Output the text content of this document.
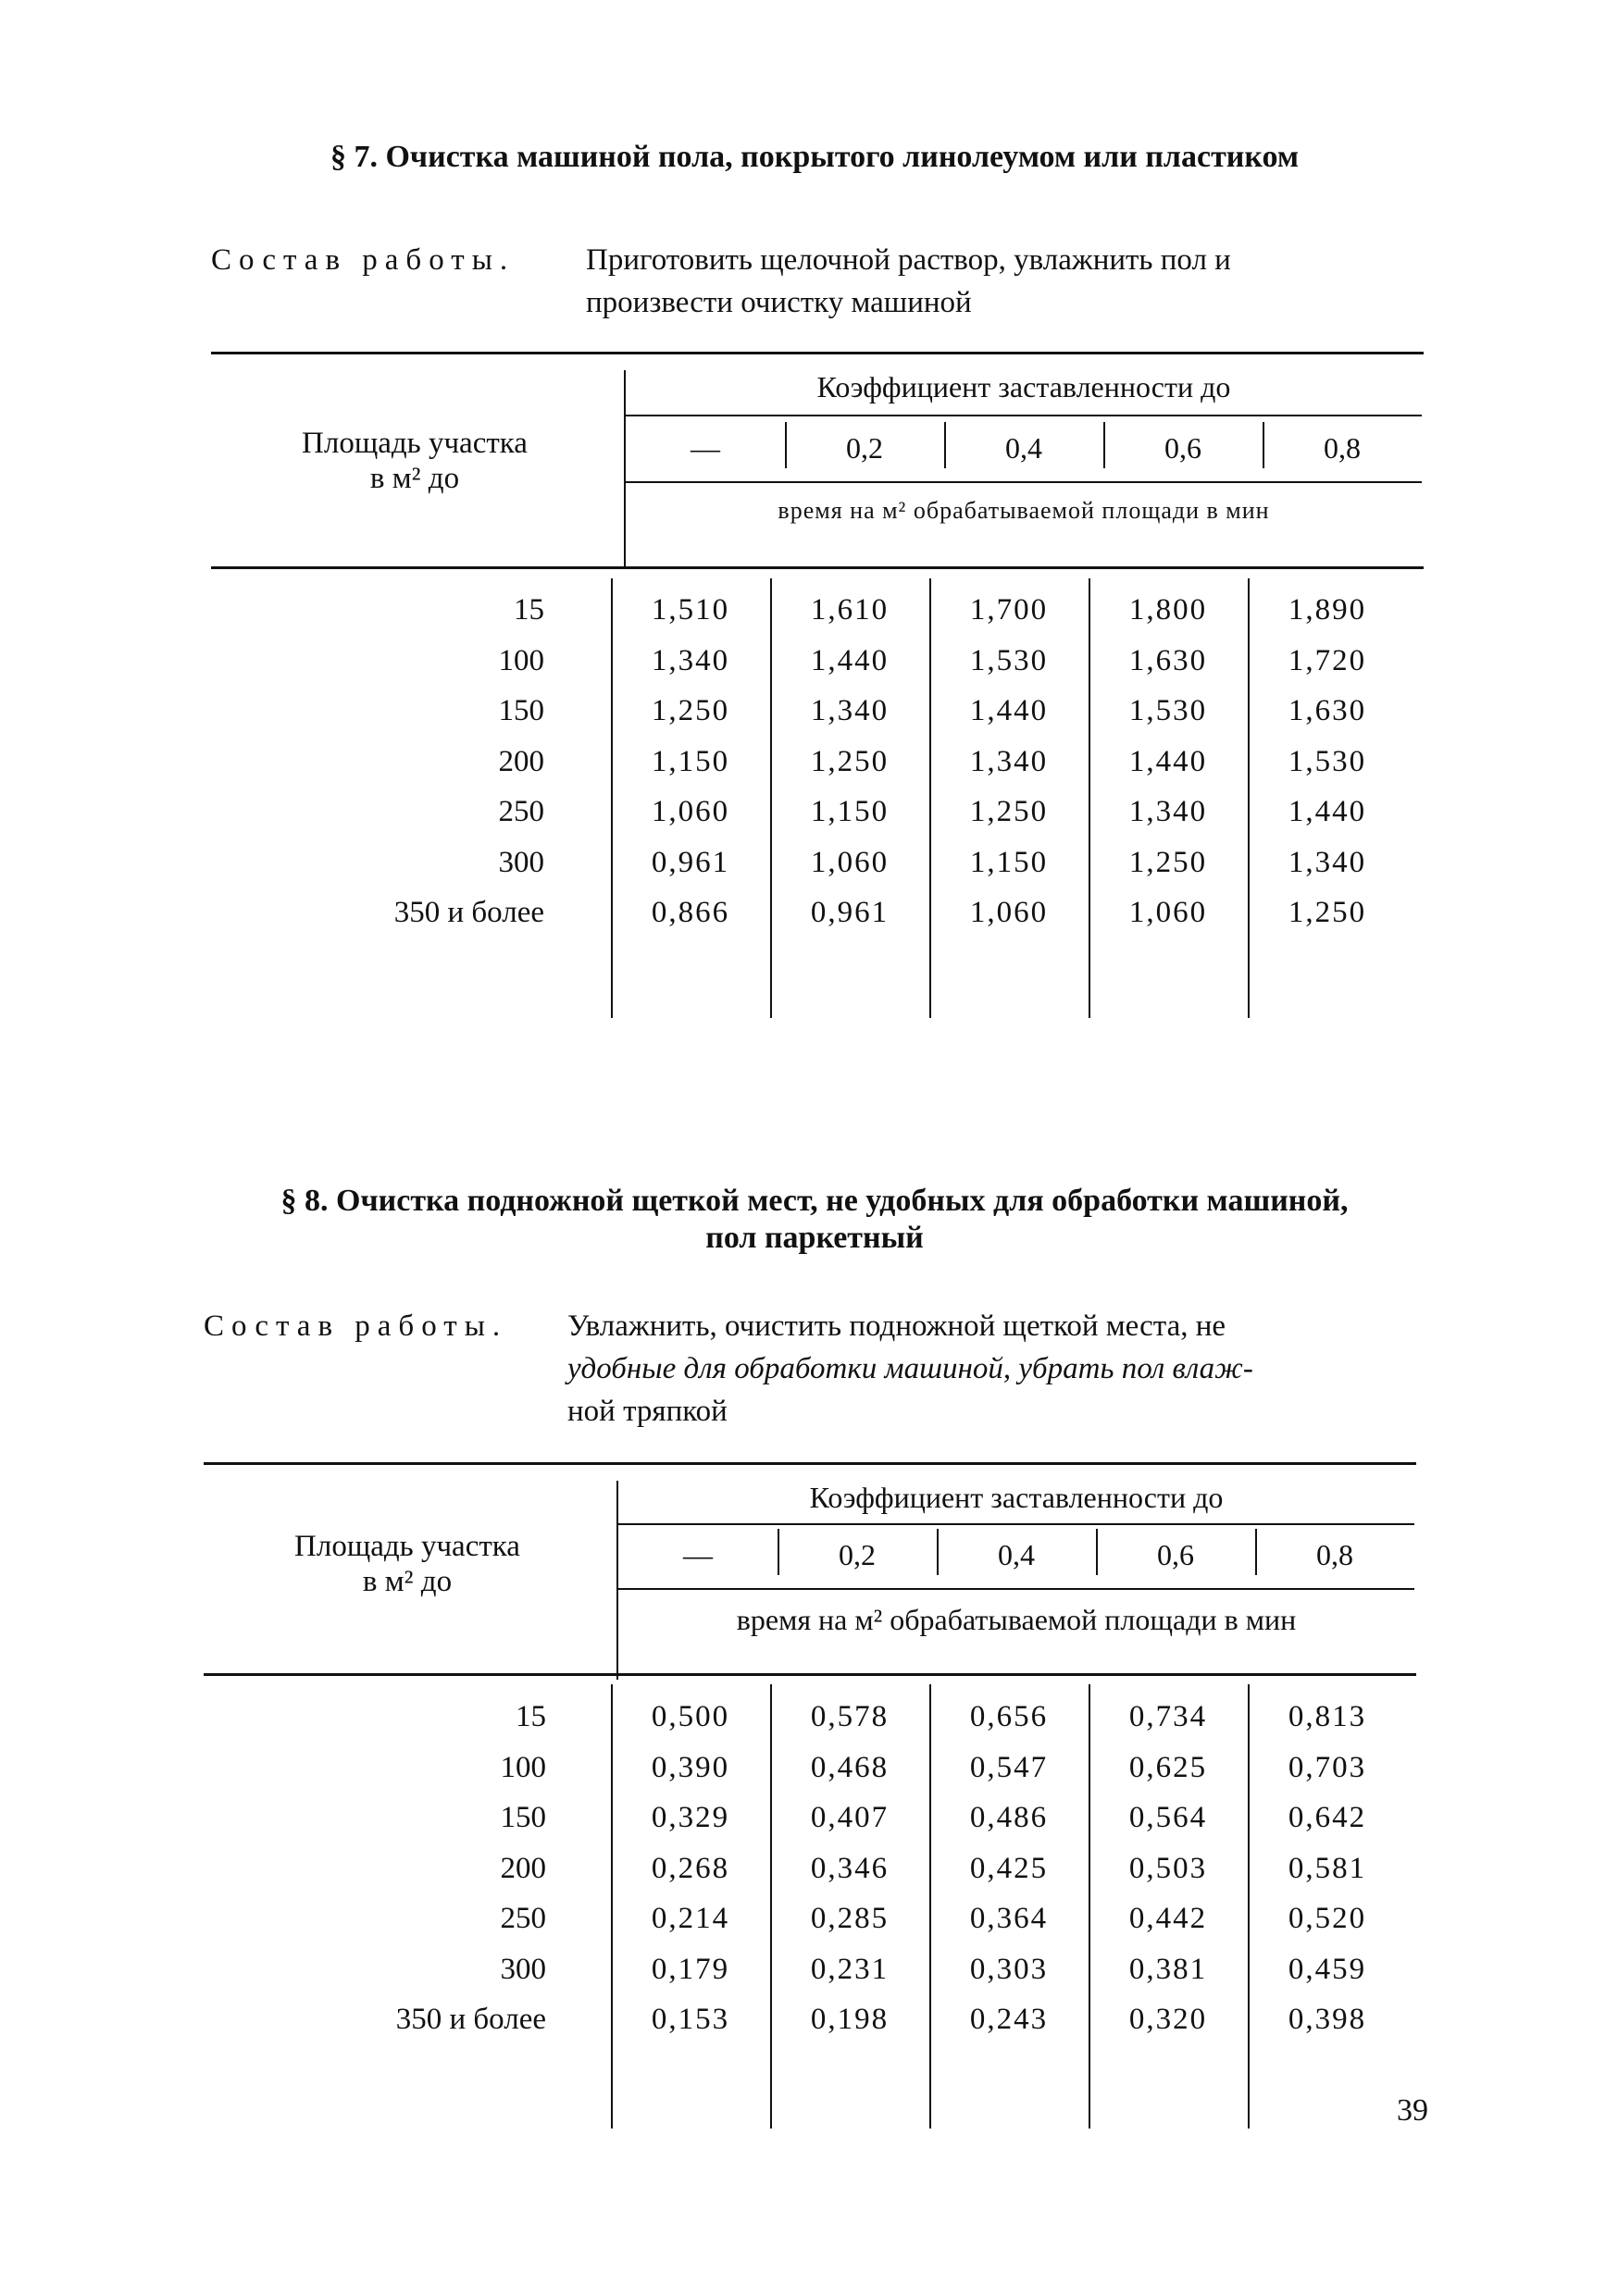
§ 7. Очистка машиной пола, покрытого линолеумом или пластиком
Состав работы. Приготовить щелочной раствор, увлажнить пол и
произвести очистку машиной
Площадь участка
в м² до
Коэффициент заставленности до
—	0,2	0,4	0,6	0,8
время на м² обрабатываемой площади в мин
15	1,510	1,610	1,700	1,800	1,890
100	1,340	1,440	1,530	1,630	1,720
150	1,250	1,340	1,440	1,530	1,630
200	1,150	1,250	1,340	1,440	1,530
250	1,060	1,150	1,250	1,340	1,440
300	0,961	1,060	1,150	1,250	1,340
350 и более	0,866	0,961	1,060	1,060	1,250
§ 8. Очистка подножной щеткой мест, не удобных для обработки машиной,
пол паркетный
Состав работы. Увлажнить, очистить подножной щеткой места, не
удобные для обработки машиной, убрать пол влаж-
ной тряпкой
Площадь участка
в м² до
Коэффициент заставленности до
—	0,2	0,4	0,6	0,8
время на м² обрабатываемой площади в мин
15	0,500	0,578	0,656	0,734	0,813
100	0,390	0,468	0,547	0,625	0,703
150	0,329	0,407	0,486	0,564	0,642
200	0,268	0,346	0,425	0,503	0,581
250	0,214	0,285	0,364	0,442	0,520
300	0,179	0,231	0,303	0,381	0,459
350 и более	0,153	0,198	0,243	0,320	0,398
39
